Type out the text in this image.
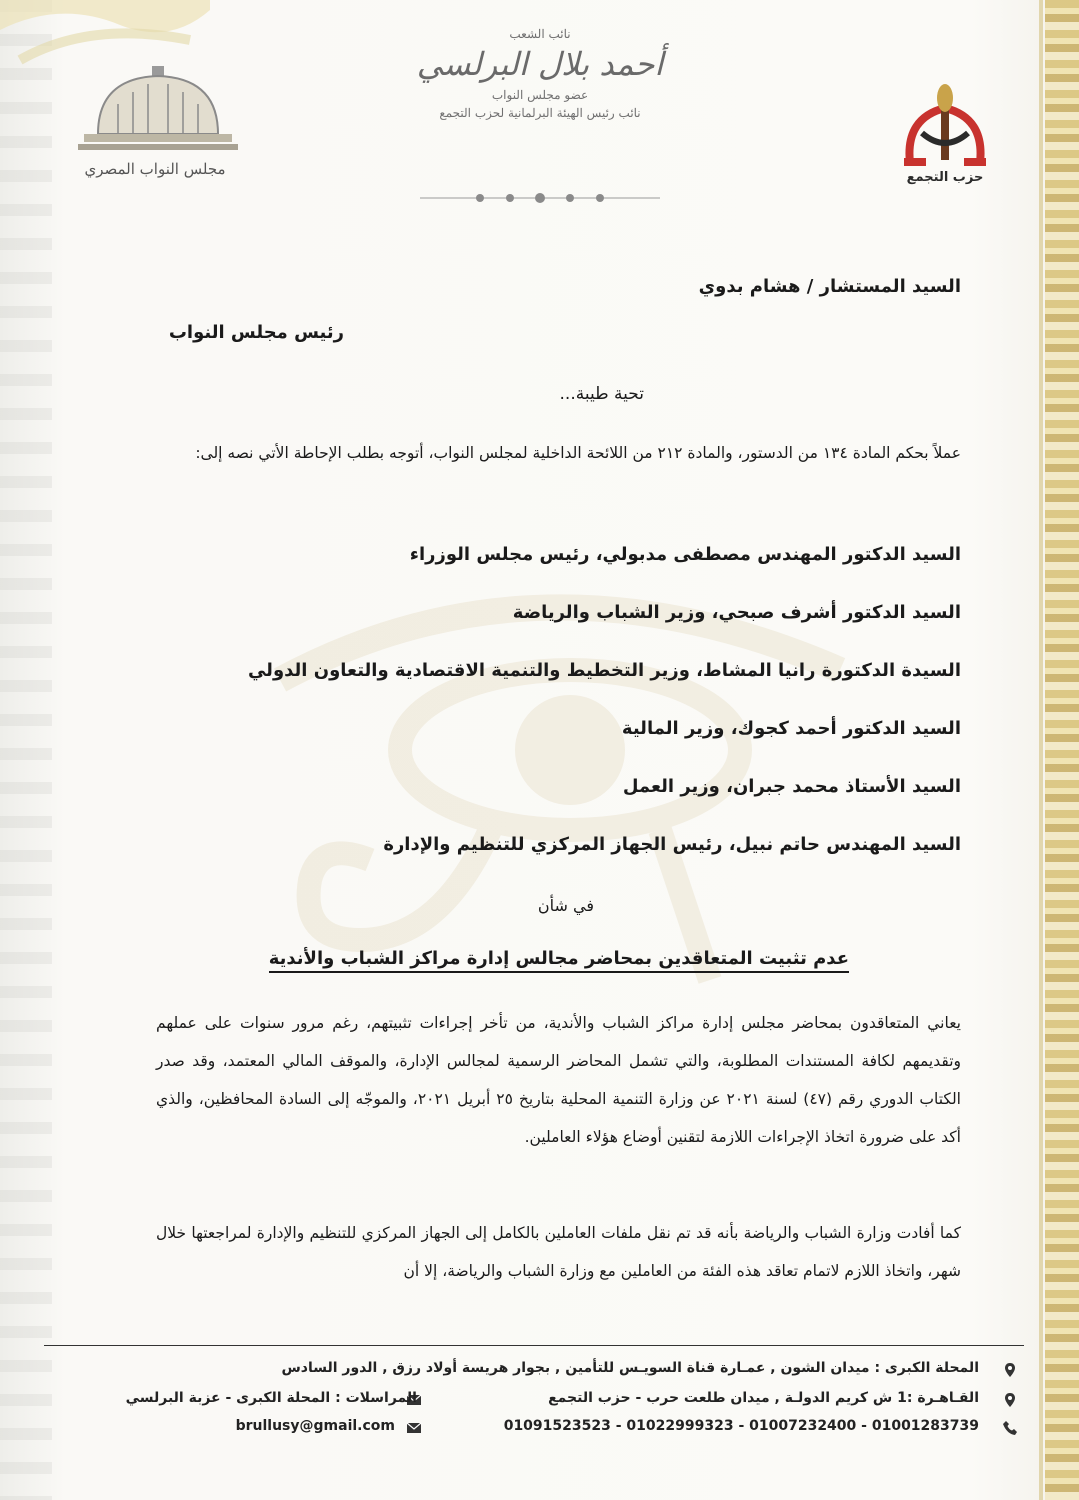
حزب التجمع
مجلس النواب المصري
نائب الشعب
أحمد بلال البرلسي
عضو مجلس النواب
نائب رئيس الهيئة البرلمانية لحزب التجمع
السيد المستشار / هشام بدوي
رئيس مجلس النواب
تحية طيبة...
عملاً بحكم المادة ١٣٤ من الدستور، والمادة ٢١٢ من اللائحة الداخلية لمجلس النواب، أتوجه بطلب الإحاطة الأتي نصه إلى:
السيد الدكتور المهندس مصطفى مدبولي، رئيس مجلس الوزراء
السيد الدكتور أشرف صبحي، وزير الشباب والرياضة
السيدة الدكتورة رانيا المشاط، وزير التخطيط والتنمية الاقتصادية والتعاون الدولي
السيد الدكتور أحمد كجوك، وزير المالية
السيد الأستاذ محمد جبران، وزير العمل
السيد المهندس حاتم نبيل، رئيس الجهاز المركزي للتنظيم والإدارة
في شأن
عدم تثبيت المتعاقدين بمحاضر مجالس إدارة مراكز الشباب والأندية
يعاني المتعاقدون بمحاضر مجلس إدارة مراكز الشباب والأندية، من تأخر إجراءات تثبيتهم، رغم مرور سنوات على عملهم وتقديمهم لكافة المستندات المطلوبة، والتي تشمل المحاضر الرسمية لمجالس الإدارة، والموقف المالي المعتمد، وقد صدر الكتاب الدوري رقم (٤٧) لسنة ٢٠٢١ عن وزارة التنمية المحلية بتاريخ ٢٥ أبريل ٢٠٢١، والموجّه إلى السادة المحافظين، والذي أكد على ضرورة اتخاذ الإجراءات اللازمة لتقنين أوضاع هؤلاء العاملين.
كما أفادت وزارة الشباب والرياضة بأنه قد تم نقل ملفات العاملين بالكامل إلى الجهاز المركزي للتنظيم والإدارة لمراجعتها خلال شهر، واتخاذ اللازم لاتمام تعاقد هذه الفئة من العاملين مع وزارة الشباب والرياضة، إلا أن
المحلة الكبرى : ميدان الشون , عمـارة قناة السويـس للتأمين , بجوار هريسة أولاد رزق , الدور السادس
القـاهـرة :1 ش كريم الدولـة , ميدان طلعت حرب - حزب التجمع
المراسلات : المحلة الكبرى - عزبة البرلسي
01091523523 - 01022999323 - 01007232400 - 01001283739
brullusy@gmail.com
